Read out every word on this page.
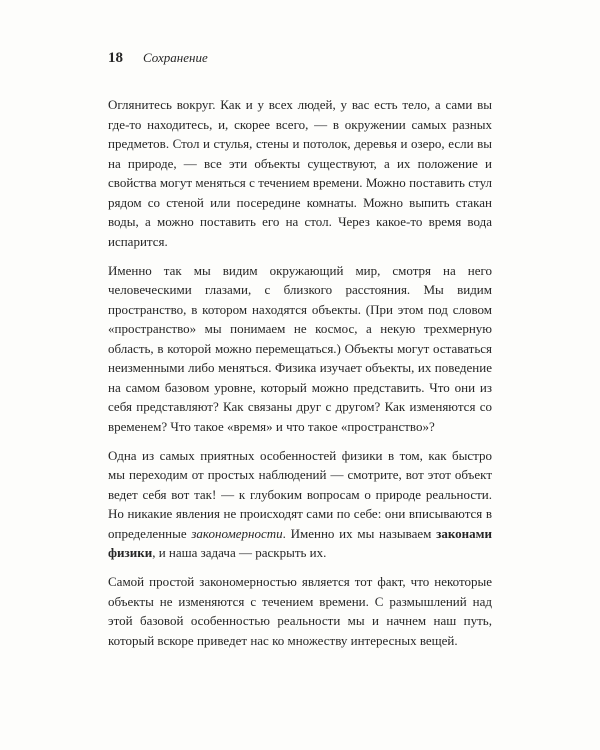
18 Сохранение

Оглянитесь вокруг. Как и у всех людей, у вас есть тело, а сами вы где-то находитесь, и, скорее всего, — в окружении самых разных предметов. Стол и стулья, стены и потолок, деревья и озеро, если вы на природе, — все эти объекты существуют, а их положение и свойства могут меняться с течением времени. Можно поставить стул рядом со стеной или посередине комнаты. Можно выпить стакан воды, а можно поставить его на стол. Через какое-то время вода испарится.

Именно так мы видим окружающий мир, смотря на него человеческими глазами, с близкого расстояния. Мы видим пространство, в котором находятся объекты. (При этом под словом «пространство» мы понимаем не космос, а некую трехмерную область, в которой можно перемещаться.) Объекты могут оставаться неизменными либо меняться. Физика изучает объекты, их поведение на самом базовом уровне, который можно представить. Что они из себя представляют? Как связаны друг с другом? Как изменяются со временем? Что такое «время» и что такое «пространство»?

Одна из самых приятных особенностей физики в том, как быстро мы переходим от простых наблюдений — смотрите, вот этот объект ведет себя вот так! — к глубоким вопросам о природе реальности. Но никакие явления не происходят сами по себе: они вписываются в определенные закономерности. Именно их мы называем законами физики, и наша задача — раскрыть их.

Самой простой закономерностью является тот факт, что некоторые объекты не изменяются с течением времени. С размышлений над этой базовой особенностью реальности мы и начнем наш путь, который вскоре приведет нас ко множеству интересных вещей.
